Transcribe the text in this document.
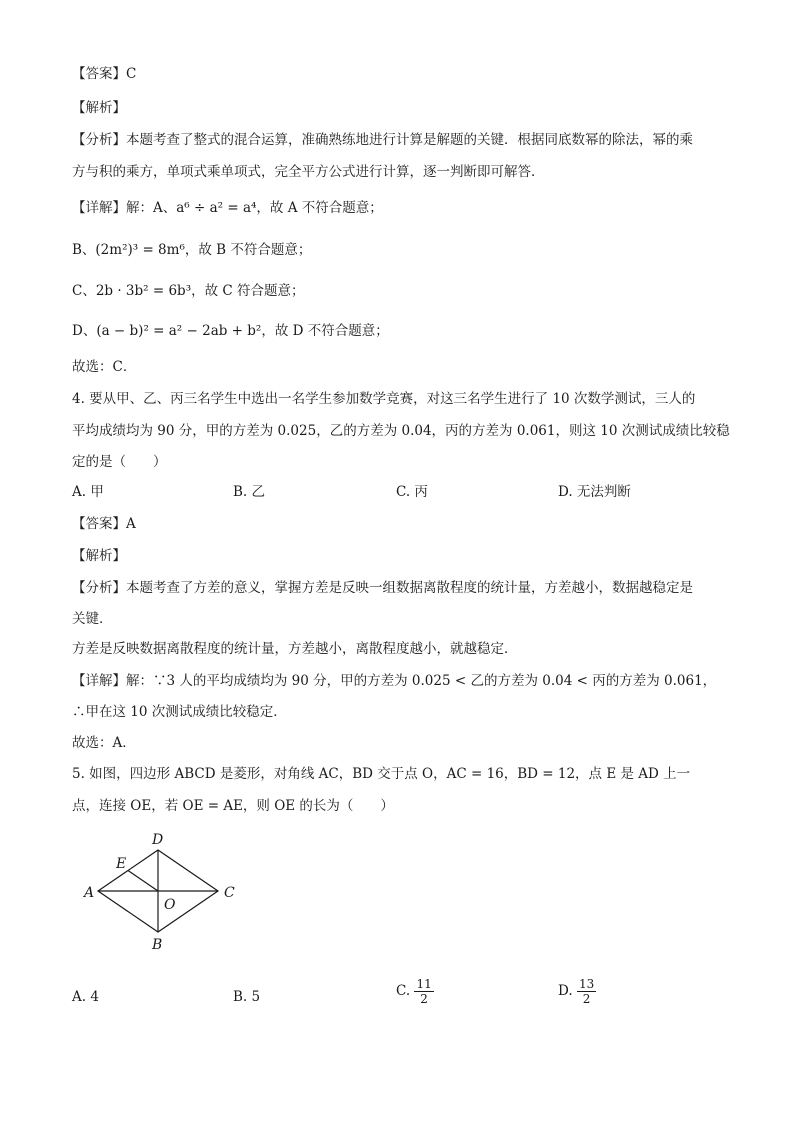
【答案】C
【解析】
【分析】本题考查了整式的混合运算，准确熟练地进行计算是解题的关键．根据同底数幂的除法，幂的乘
方与积的乘方，单项式乘单项式，完全平方公式进行计算，逐一判断即可解答．
【详解】解：A、a⁶ ÷ a² = a⁴，故 A 不符合题意；
B、(2m²)³ = 8m⁶，故 B 不符合题意；
C、2b · 3b² = 6b³，故 C 符合题意；
D、(a − b)² = a² − 2ab + b²，故 D 不符合题意；
故选：C．
4. 要从甲、乙、丙三名学生中选出一名学生参加数学竞赛，对这三名学生进行了 10 次数学测试，三人的
平均成绩均为 90 分，甲的方差为 0.025，乙的方差为 0.04，丙的方差为 0.061，则这 10 次测试成绩比较稳
定的是（　　）
A. 甲	B. 乙	C. 丙	D. 无法判断
【答案】A
【解析】
【分析】本题考查了方差的意义，掌握方差是反映一组数据离散程度的统计量，方差越小，数据越稳定是
关键．
方差是反映数据离散程度的统计量，方差越小，离散程度越小，就越稳定．
【详解】解：∵3 人的平均成绩均为 90 分，甲的方差为 0.025 < 乙的方差为 0.04 < 丙的方差为 0.061，
∴甲在这 10 次测试成绩比较稳定．
故选：A．
5. 如图，四边形 ABCD 是菱形，对角线 AC，BD 交于点 O，AC = 16，BD = 12，点 E 是 AD 上一
点，连接 OE，若 OE = AE，则 OE 的长为（　　）
D
E
A	C
O
B
A. 4	B. 5	C. $\frac{11}{2}$	D. $\frac{13}{2}$
